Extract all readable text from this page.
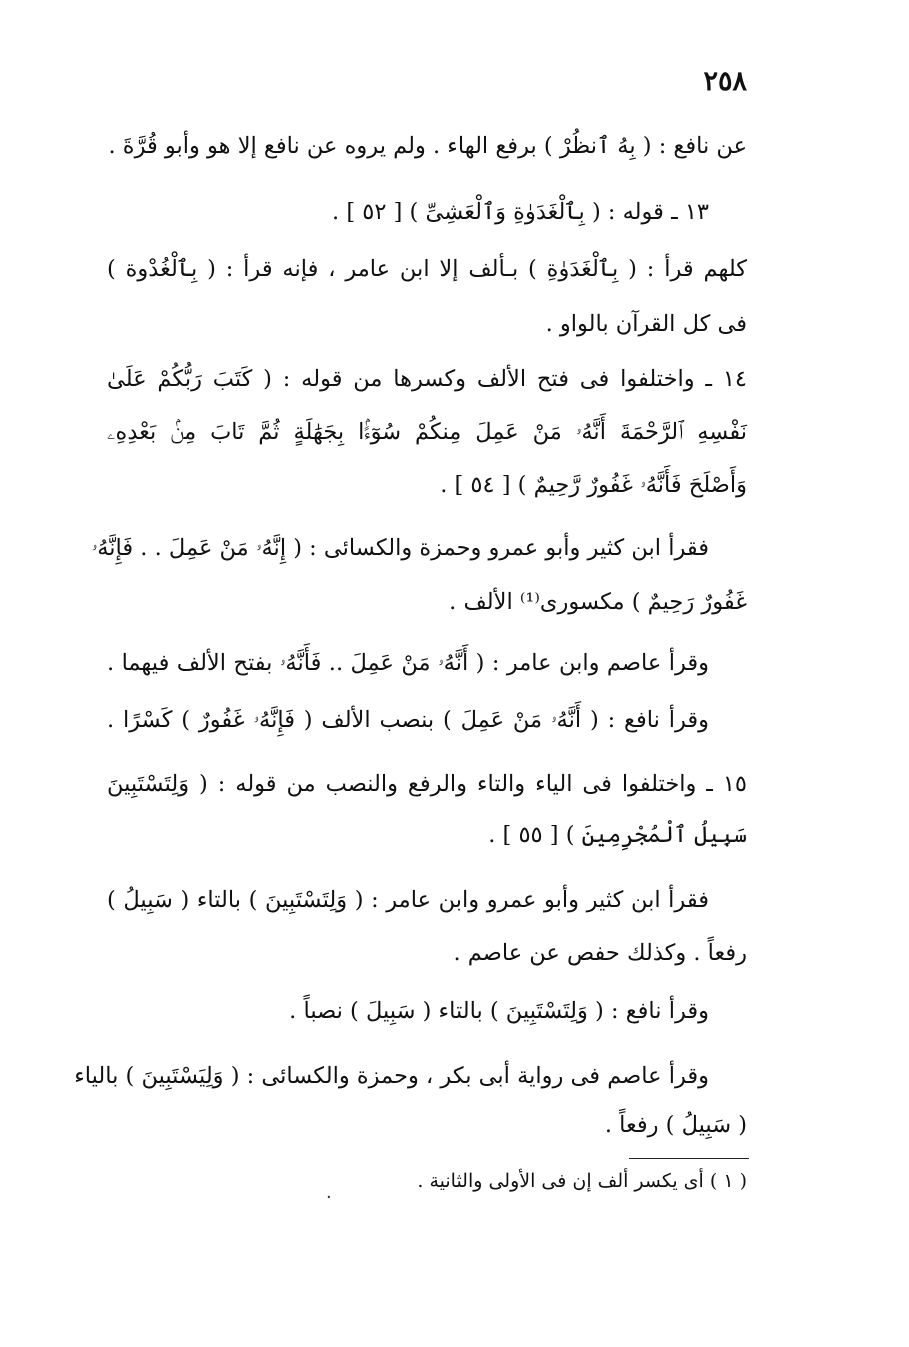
٢٥٨
عن نافع : ( بِهُ ٱنظُرْ ) برفع الهاء . ولم يروه عن نافع إلا هو وأبو قُرَّةَ .
١٣ ـ قوله : ( بِٱلْغَدَوٰةِ وَٱلْعَشِىِّ ) [ ٥٢ ] .
كلهم قرأ : ( بِٱلْغَدَوٰةِ ) بـألف إلا ابن عامر ، فإنه قرأ : ( بِٱلْغُدْوة )
فى كل القرآن بالواو .
١٤ ـ واختلفوا فى فتح الألف وكسرها من قوله : ( كَتَبَ رَبُّكُمْ عَلَىٰ
نَفْسِهِ ٱلرَّحْمَةَ أَنَّهُۥ مَنْ عَمِلَ مِنكُمْ سُوٓءًۢا بِجَهَٰلَةٍ ثُمَّ تَابَ مِنۢ بَعْدِهِۦ
وَأَصْلَحَ فَأَنَّهُۥ غَفُورٌ رَّحِيمٌ ) [ ٥٤ ] .
فقرأ ابن كثير وأبو عمرو وحمزة والكسائى : ( إِنَّهُۥ مَنْ عَمِلَ . . فَإِنَّهُۥ
غَفُورٌ رَحِيمٌ ) مكسورى⁽¹⁾ الألف .
وقرأ عاصم وابن عامر : ( أَنَّهُۥ مَنْ عَمِلَ .. فَأَنَّهُۥ بفتح الألف فيهما .
وقرأ نافع : ( أَنَّهُۥ مَنْ عَمِلَ ) بنصب الألف ( فَإِنَّهُۥ غَفُورٌ ) كَسْرًا .
١٥ ـ واختلفوا فى الياء والتاء والرفع والنصب من قوله : ( وَلِتَسْتَبِينَ
سَبِيلُ ٱلْمُجْرِمِينَ ) [ ٥٥ ] .
فقرأ ابن كثير وأبو عمرو وابن عامر : ( وَلِتَسْتَبِينَ ) بالتاء ( سَبِيلُ )
رفعاً . وكذلك حفص عن عاصم .
وقرأ نافع : ( وَلِتَسْتَبِينَ ) بالتاء ( سَبِيلَ ) نصباً .
وقرأ عاصم فى رواية أبى بكر ، وحمزة والكسائى : ( وَلِيَسْتَبِينَ ) بالياء
( سَبِيلُ ) رفعاً .
( ١ ) أى يكسر ألف إن فى الأولى والثانية .
٠
